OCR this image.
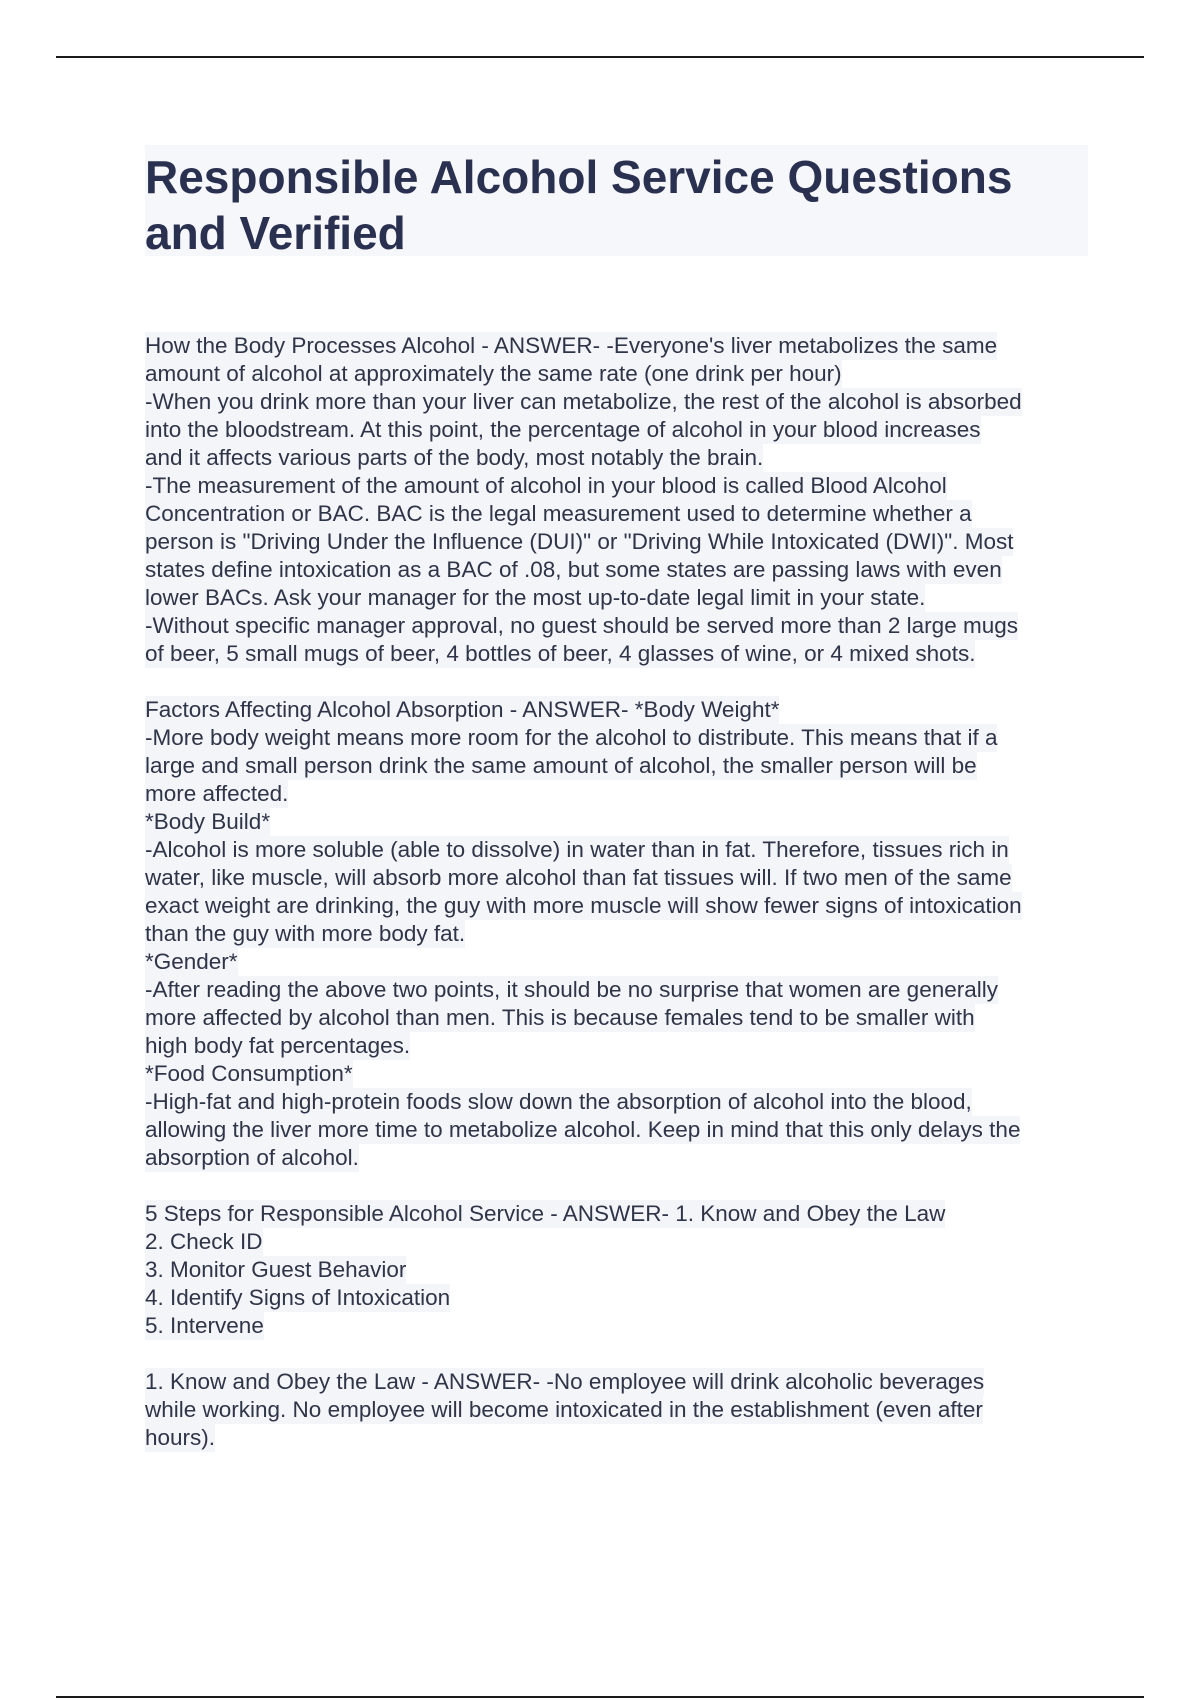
Responsible Alcohol Service Questions and Verified
How the Body Processes Alcohol - ANSWER- -Everyone's liver metabolizes the same
amount of alcohol at approximately the same rate (one drink per hour)
-When you drink more than your liver can metabolize, the rest of the alcohol is absorbed
into the bloodstream. At this point, the percentage of alcohol in your blood increases
and it affects various parts of the body, most notably the brain.
-The measurement of the amount of alcohol in your blood is called Blood Alcohol
Concentration or BAC. BAC is the legal measurement used to determine whether a
person is "Driving Under the Influence (DUI)" or "Driving While Intoxicated (DWI)". Most
states define intoxication as a BAC of .08, but some states are passing laws with even
lower BACs. Ask your manager for the most up-to-date legal limit in your state.
-Without specific manager approval, no guest should be served more than 2 large mugs
of beer, 5 small mugs of beer, 4 bottles of beer, 4 glasses of wine, or 4 mixed shots.
Factors Affecting Alcohol Absorption - ANSWER- *Body Weight*
-More body weight means more room for the alcohol to distribute. This means that if a
large and small person drink the same amount of alcohol, the smaller person will be
more affected.
*Body Build*
-Alcohol is more soluble (able to dissolve) in water than in fat. Therefore, tissues rich in
water, like muscle, will absorb more alcohol than fat tissues will. If two men of the same
exact weight are drinking, the guy with more muscle will show fewer signs of intoxication
than the guy with more body fat.
*Gender*
-After reading the above two points, it should be no surprise that women are generally
more affected by alcohol than men. This is because females tend to be smaller with
high body fat percentages.
*Food Consumption*
-High-fat and high-protein foods slow down the absorption of alcohol into the blood,
allowing the liver more time to metabolize alcohol. Keep in mind that this only delays the
absorption of alcohol.
5 Steps for Responsible Alcohol Service - ANSWER- 1. Know and Obey the Law
2. Check ID
3. Monitor Guest Behavior
4. Identify Signs of Intoxication
5. Intervene
1. Know and Obey the Law - ANSWER- -No employee will drink alcoholic beverages
while working. No employee will become intoxicated in the establishment (even after
hours).
